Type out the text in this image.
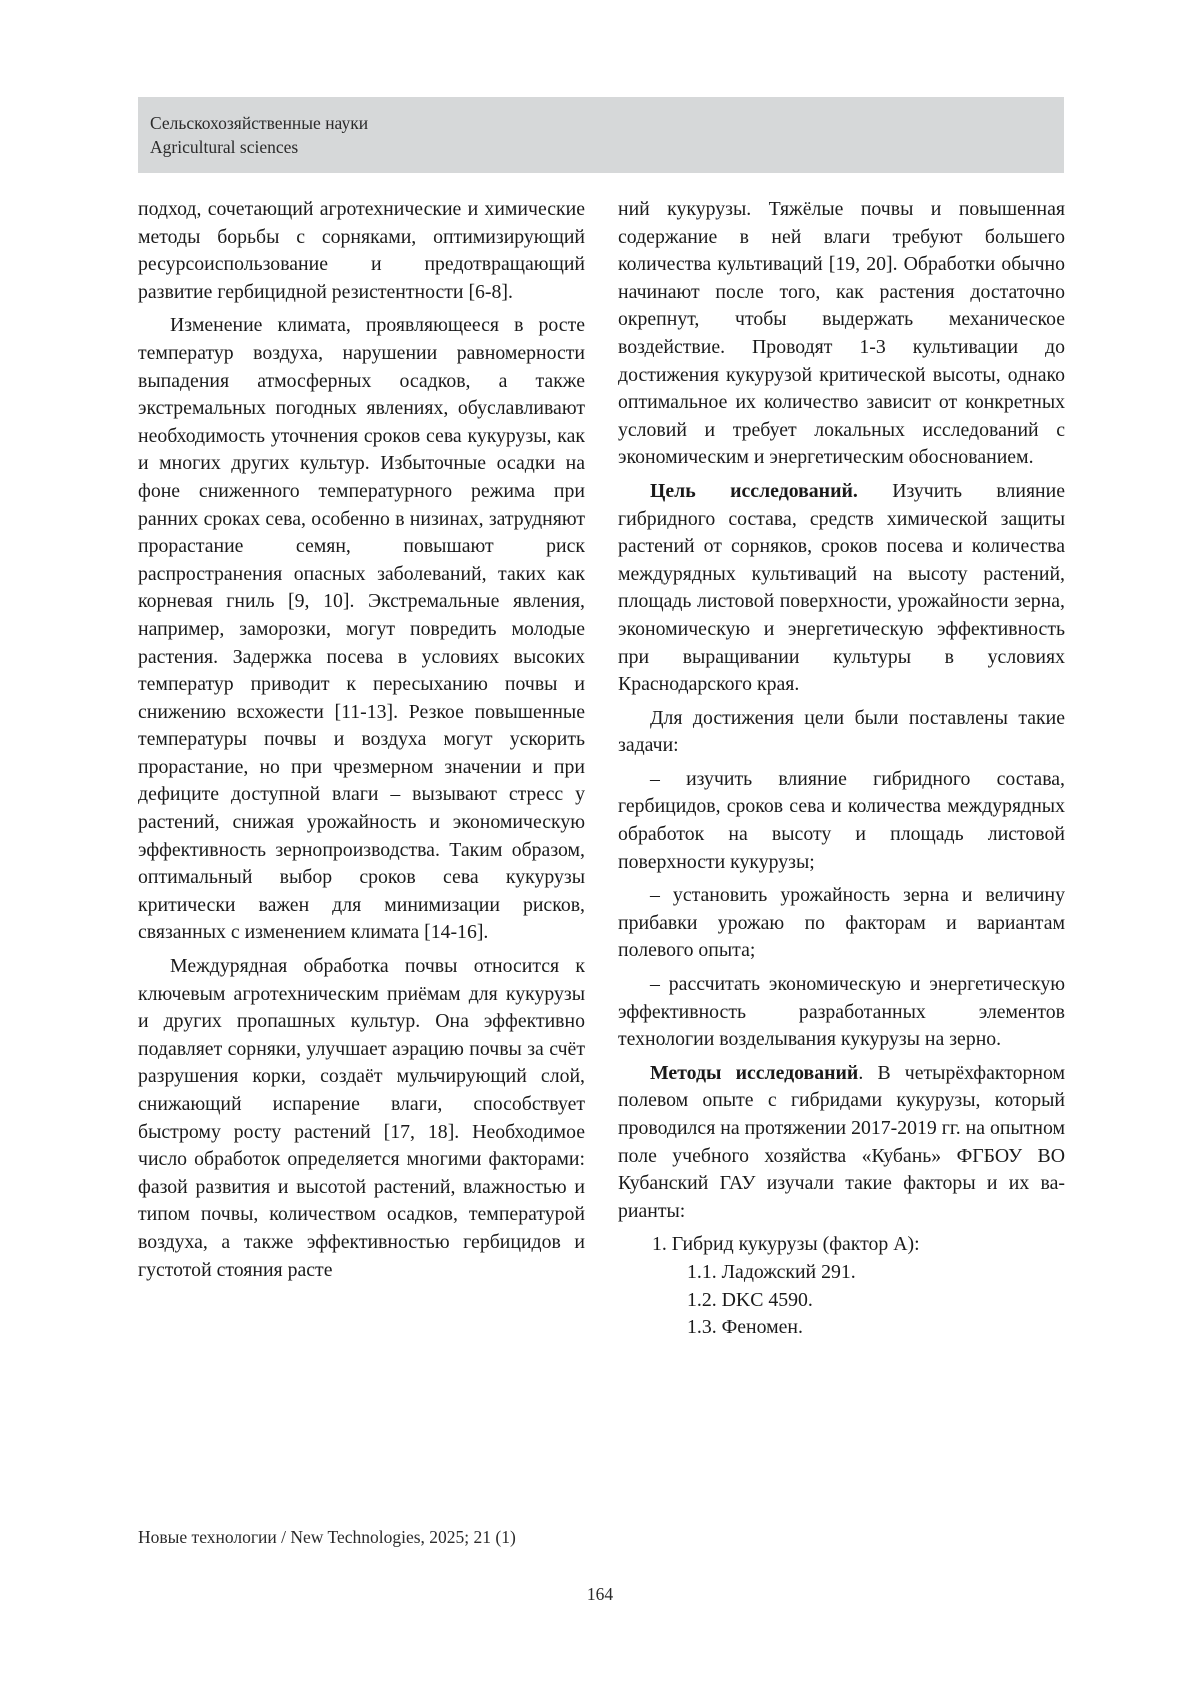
Сельскохозяйственные науки
Agricultural sciences

подход, сочетающий агротехнические и химические методы борьбы с сорняками, оптимизирующий ресурсоиспользование и предотвращающий развитие гербицидной резистентности [6-8].

Изменение климата, проявляющееся в росте температур воздуха, нарушении равномерности выпадения атмосферных осадков, а также экстремальных погодных явлениях, обуславливают необходимость уточнения сроков сева кукурузы, как и многих других культур. Избыточные осадки на фоне сниженного температурного режима при ранних сроках сева, особенно в низинах, затрудняют прорастание семян, повышают риск распространения опасных заболеваний, таких как корневая гниль [9, 10]. Экстремальные явления, например, заморозки, могут повредить молодые растения. Задержка посева в условиях высоких температур приводит к пересыханию почвы и снижению всхожести [11-13]. Резкое повышенные температуры почвы и воздуха могут ускорить прорастание, но при чрезмерном значении и при дефиците доступной влаги – вызывают стресс у растений, снижая урожайность и экономическую эффективность зернопроизводства. Таким образом, оптимальный выбор сроков сева кукурузы критически важен для минимизации рисков, связанных с изменением климата [14-16].

Междурядная обработка почвы относится к ключевым агротехническим приёмам для кукурузы и других пропашных культур. Она эффективно подавляет сорняки, улучшает аэрацию почвы за счёт разрушения корки, создаёт мульчирующий слой, снижающий испарение влаги, способствует быстрому росту растений [17, 18]. Необходимое число обработок определяется многими факторами: фазой развития и высотой растений, влажностью и типом почвы, количеством осадков, температурой воздуха, а также эффективностью гербицидов и густотой стояния расте

ний кукурузы. Тяжёлые почвы и повышенная содержание в ней влаги требуют большего количества культиваций [19, 20]. Обработки обычно начинают после того, как растения достаточно окрепнут, чтобы выдержать механическое воздействие. Проводят 1-3 культивации до достижения кукурузой критической высоты, однако оптимальное их количество зависит от конкретных условий и требует локальных исследований с экономическим и энергетическим обоснованием.

Цель исследований. Изучить влияние гибридного состава, средств химической защиты растений от сорняков, сроков посева и количества междурядных культиваций на высоту растений, площадь листовой поверхности, урожайности зерна, экономическую и энергетическую эффективность при выращивании культуры в условиях Краснодарского края.

Для достижения цели были поставлены такие задачи:

– изучить влияние гибридного состава, гербицидов, сроков сева и количества междурядных обработок на высоту и площадь листовой поверхности кукурузы;

– установить урожайность зерна и величину прибавки урожаю по факторам и вариантам полевого опыта;

– рассчитать экономическую и энергетическую эффективность разработанных элементов технологии возделывания кукурузы на зерно.

Методы исследований. В четырёхфакторном полевом опыте с гибридами кукурузы, который проводился на протяжении 2017-2019 гг. на опытном поле учебного хозяйства «Кубань» ФГБОУ ВО Кубанский ГАУ изучали такие факторы и их варианты:

1. Гибрид кукурузы (фактор А):

1.1. Ладожский 291.

1.2. DKC 4590.

1.3. Феномен.

Новые технологии / New Technologies, 2025; 21 (1)
164
